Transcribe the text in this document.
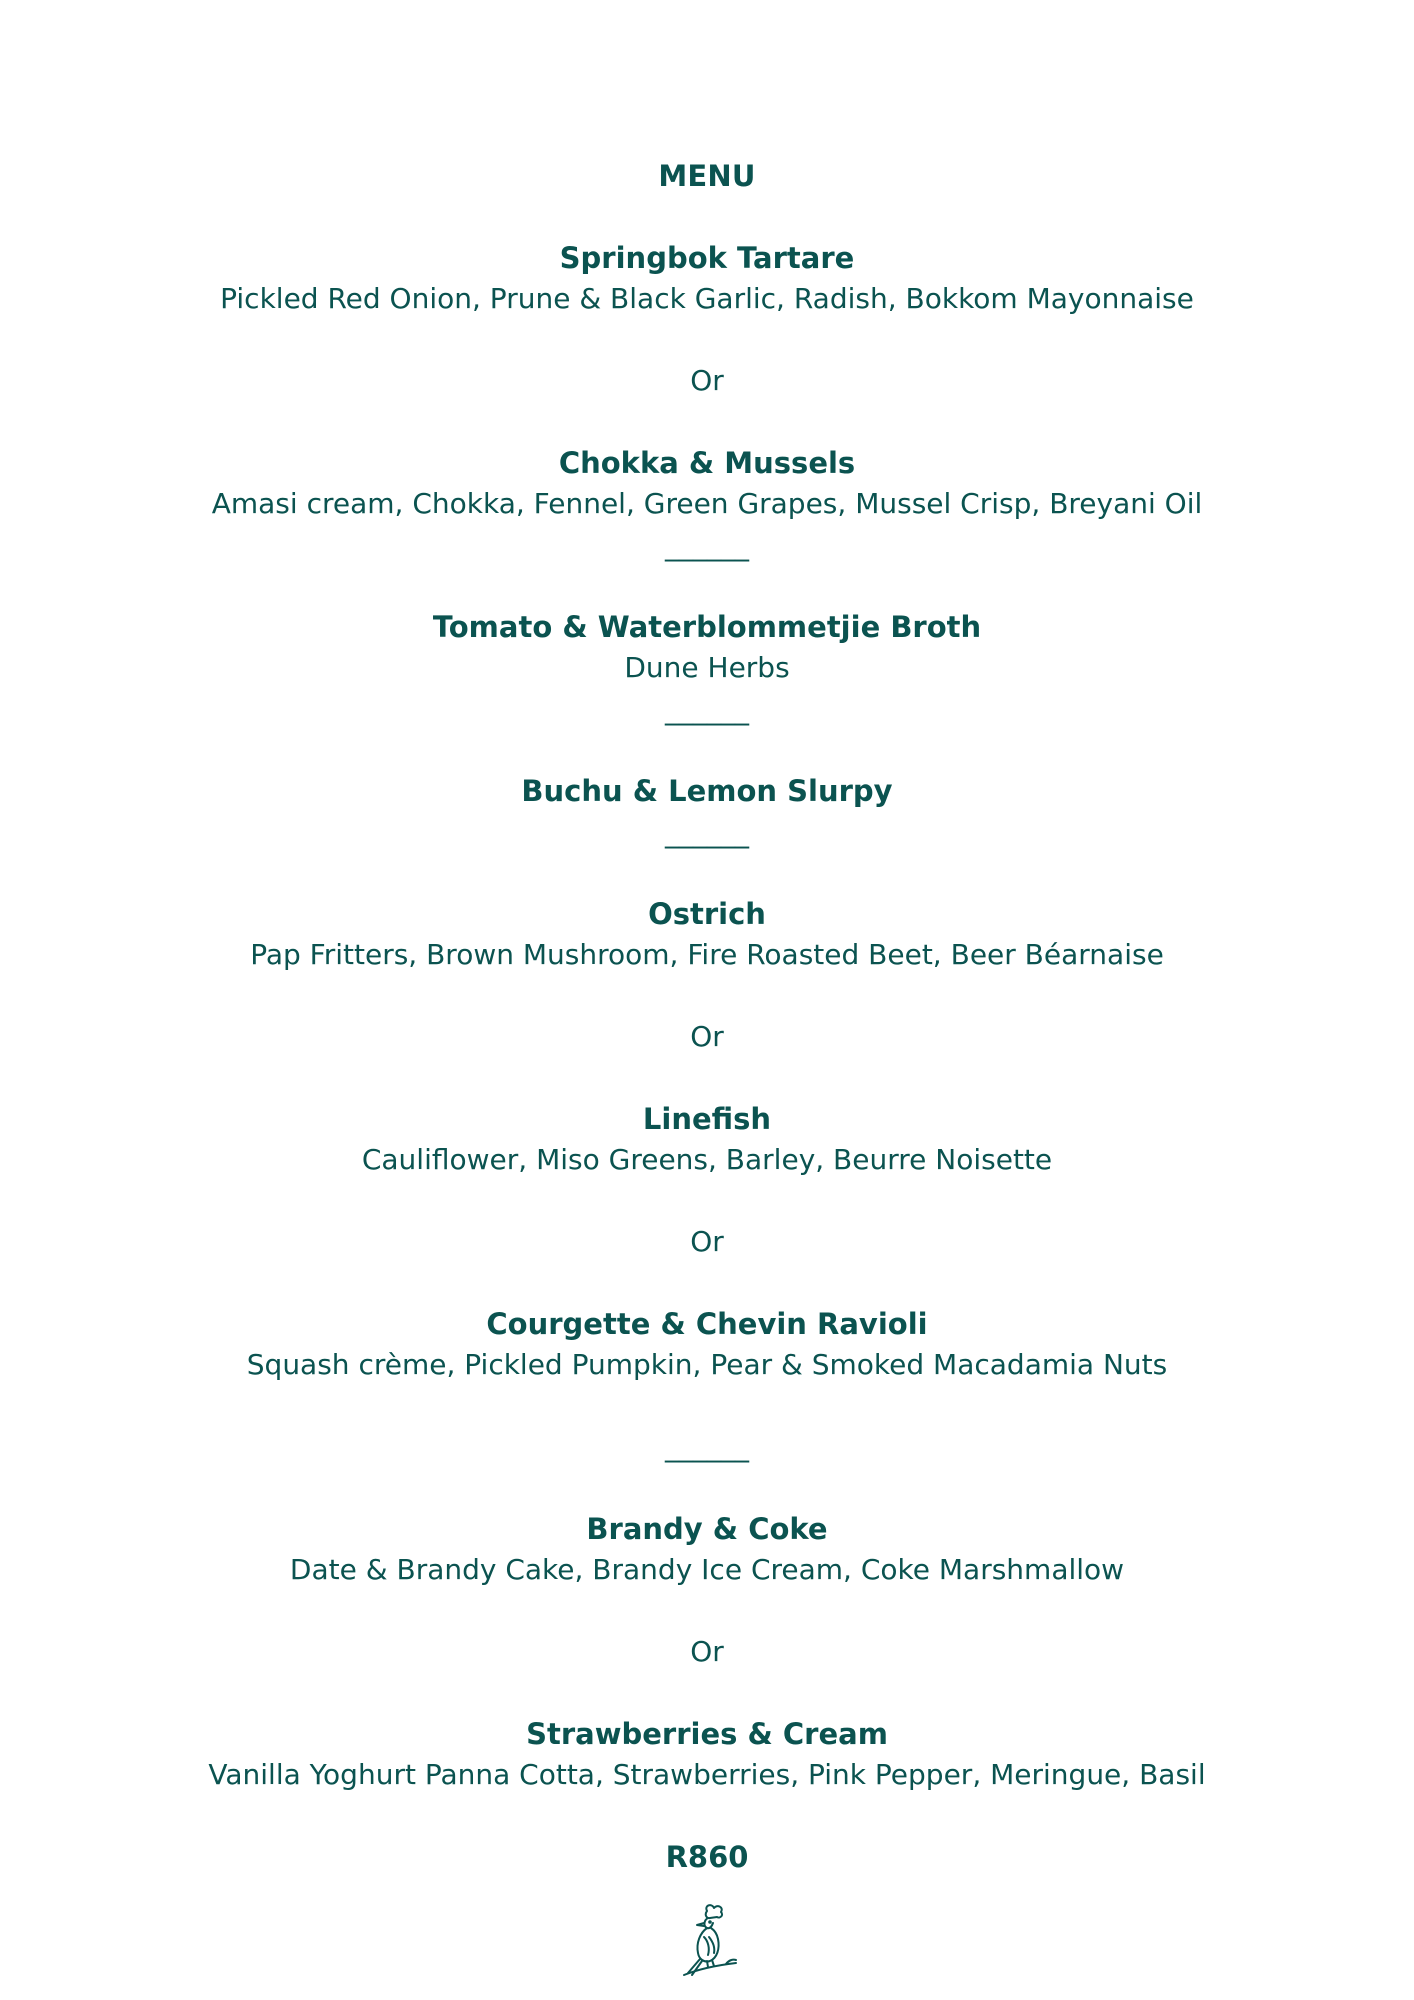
MENU
Springbok Tartare
Pickled Red Onion, Prune & Black Garlic, Radish, Bokkom Mayonnaise
Or
Chokka & Mussels
Amasi cream, Chokka, Fennel, Green Grapes, Mussel Crisp, Breyani Oil
______
Tomato & Waterblommetjie Broth
Dune Herbs
______
Buchu & Lemon Slurpy
______
Ostrich
Pap Fritters, Brown Mushroom, Fire Roasted Beet, Beer Béarnaise
Or
Linefish
Cauliflower, Miso Greens, Barley, Beurre Noisette
Or
Courgette & Chevin Ravioli
Squash crème, Pickled Pumpkin, Pear & Smoked Macadamia Nuts
______
Brandy & Coke
Date & Brandy Cake, Brandy Ice Cream, Coke Marshmallow
Or
Strawberries & Cream
Vanilla Yoghurt Panna Cotta, Strawberries, Pink Pepper, Meringue, Basil
R860
